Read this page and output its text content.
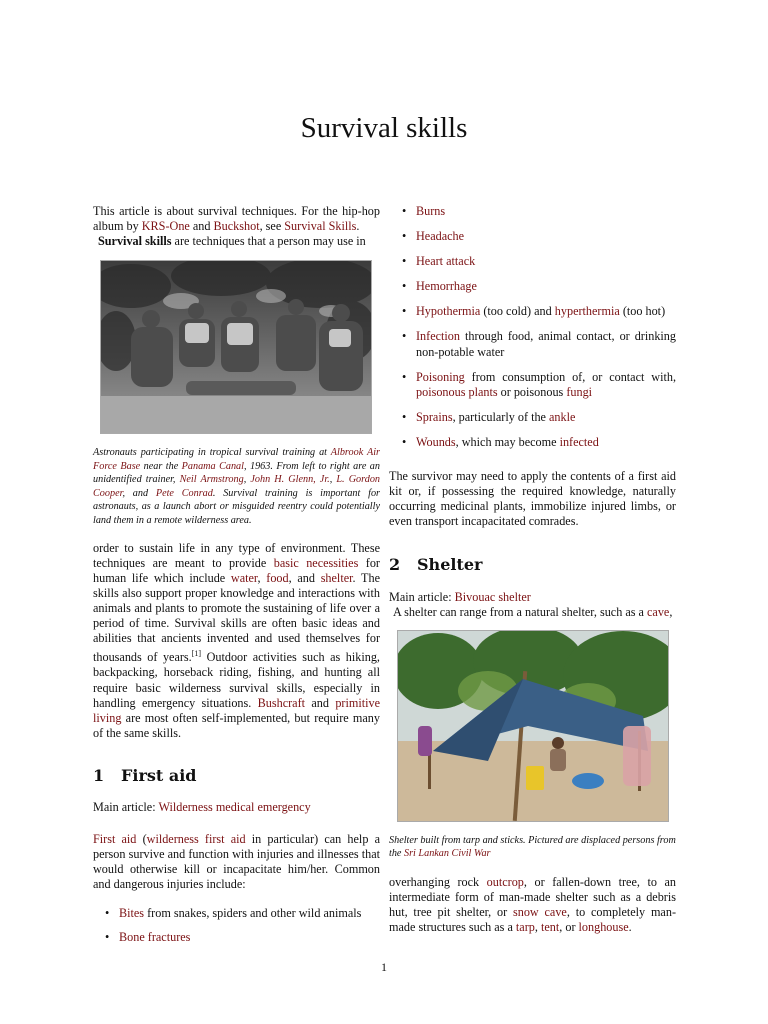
Survival skills

This article is about survival techniques. For the hip-hop album by KRS-One and Buckshot, see Survival Skills.

Survival skills are techniques that a person may use in

Astronauts participating in tropical survival training at Albrook Air Force Base near the Panama Canal, 1963. From left to right are an unidentified trainer, Neil Armstrong, John H. Glenn, Jr., L. Gordon Cooper, and Pete Conrad. Survival training is important for astronauts, as a launch abort or misguided reentry could potentially land them in a remote wilderness area.

order to sustain life in any type of environment. These techniques are meant to provide basic necessities for human life which include water, food, and shelter. The skills also support proper knowledge and interactions with animals and plants to promote the sustaining of life over a period of time. Survival skills are often basic ideas and abilities that ancients invented and used themselves for thousands of years.[1] Outdoor activities such as hiking, backpacking, horseback riding, fishing, and hunting all require basic wilderness survival skills, especially in handling emergency situations. Bushcraft and primitive living are most often self-implemented, but require many of the same skills.

1 First aid

Main article: Wilderness medical emergency

First aid (wilderness first aid in particular) can help a person survive and function with injuries and illnesses that would otherwise kill or incapacitate him/her. Common and dangerous injuries include:

• Bites from snakes, spiders and other wild animals
• Bone fractures
• Burns
• Headache
• Heart attack
• Hemorrhage
• Hypothermia (too cold) and hyperthermia (too hot)
• Infection through food, animal contact, or drinking non-potable water
• Poisoning from consumption of, or contact with, poisonous plants or poisonous fungi
• Sprains, particularly of the ankle
• Wounds, which may become infected

The survivor may need to apply the contents of a first aid kit or, if possessing the required knowledge, naturally occurring medicinal plants, immobilize injured limbs, or even transport incapacitated comrades.

2 Shelter

Main article: Bivouac shelter

A shelter can range from a natural shelter, such as a cave,

Shelter built from tarp and sticks. Pictured are displaced persons from the Sri Lankan Civil War

overhanging rock outcrop, or fallen-down tree, to an intermediate form of man-made shelter such as a debris hut, tree pit shelter, or snow cave, to completely man-made structures such as a tarp, tent, or longhouse.

1
